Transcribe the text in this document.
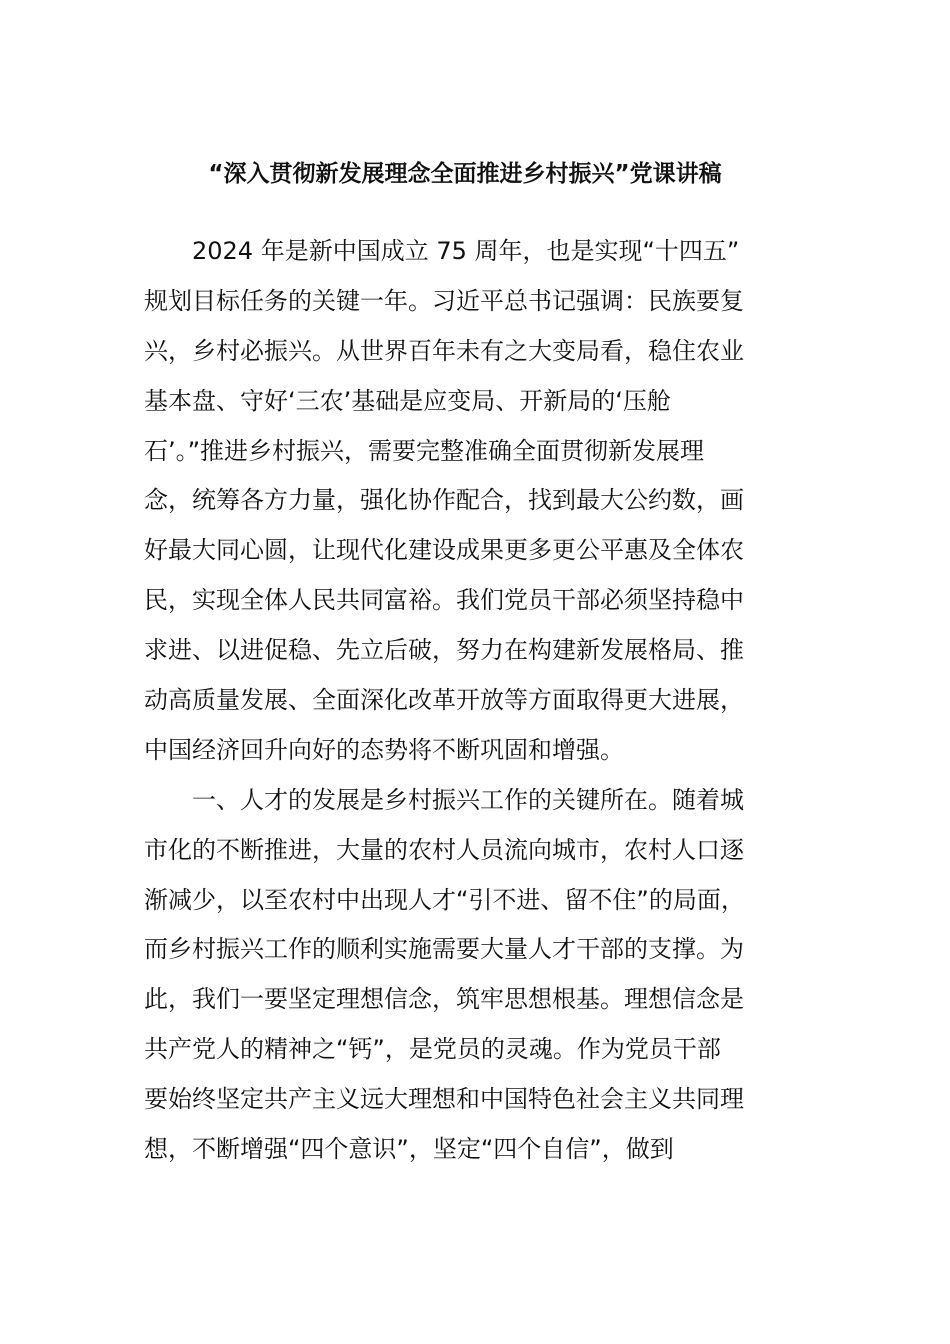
“深入贯彻新发展理念全面推进乡村振兴”党课讲稿
2024 年是新中国成立 75 周年，也是实现“十四五”
规划目标任务的关键一年。习近平总书记强调：民族要复
兴，乡村必振兴。从世界百年未有之大变局看，稳住农业
基本盘、守好‘三农’基础是应变局、开新局的‘压舱
石’。”推进乡村振兴，需要完整准确全面贯彻新发展理
念，统筹各方力量，强化协作配合，找到最大公约数，画
好最大同心圆，让现代化建设成果更多更公平惠及全体农
民，实现全体人民共同富裕。我们党员干部必须坚持稳中
求进、以进促稳、先立后破，努力在构建新发展格局、推
动高质量发展、全面深化改革开放等方面取得更大进展，
中国经济回升向好的态势将不断巩固和增强。
一、人才的发展是乡村振兴工作的关键所在。随着城
市化的不断推进，大量的农村人员流向城市，农村人口逐
渐减少，以至农村中出现人才“引不进、留不住”的局面，
而乡村振兴工作的顺利实施需要大量人才干部的支撑。为
此，我们一要坚定理想信念，筑牢思想根基。理想信念是
共产党人的精神之“钙”，是党员的灵魂。作为党员干部
要始终坚定共产主义远大理想和中国特色社会主义共同理
想，不断增强“四个意识”，坚定“四个自信”，做到
